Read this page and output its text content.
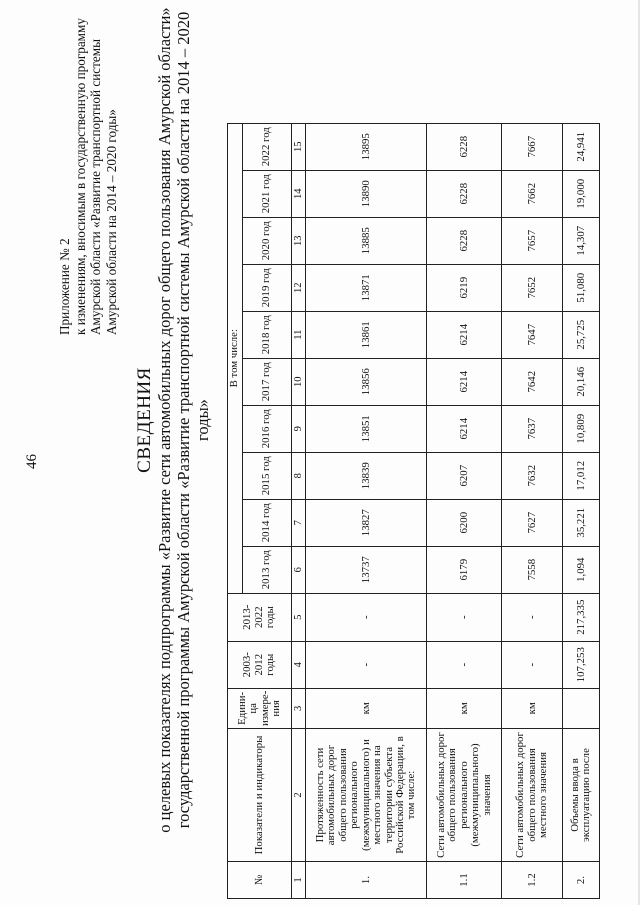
46
Приложение № 2 к изменениям, вносимым в государственную программу Амурской области «Развитие транспортной системы Амурской области на 2014 – 2020 годы»
СВЕДЕНИЯ о целевых показателях подпрограммы «Развитие сети автомобильных дорог общего пользования Амурской области» государственной программы Амурской области «Развитие транспортной системы Амурской области на 2014 – 2020 годы»
№	Показатели и индикаторы	Едини-ца измере-ния	2003-2012 годы	2013-2022 годы	В том числе:									
					2013 год	2014 год	2015 год	2016 год	2017 год	2018 год	2019 год	2020 год	2021 год	2022 год
1	2	3	4	5	6	7	8	9	10	11	12	13	14	15
1.	Протяженность сети автомобильных дорог общего пользования регионального (межмуниципального) и местного значения на территории субъекта Российской Федерации, в том числе:	км	-	-	13737	13827	13839	13851	13856	13861	13871	13885	13890	13895
1.1	Сети автомобильных дорог общего пользования регионального (межмуниципального) значения	км	-	-	6179	6200	6207	6214	6214	6214	6219	6228	6228	6228
1.2	Сети автомобильных дорог общего пользования местного значения	км	-	-	7558	7627	7632	7637	7642	7647	7652	7657	7662	7667
2.	Объемы ввода в эксплуатацию после		107,253	217,335	1,094	35,221	17,012	10,809	20,146	25,725	51,080	14,307	19,000	24,941
